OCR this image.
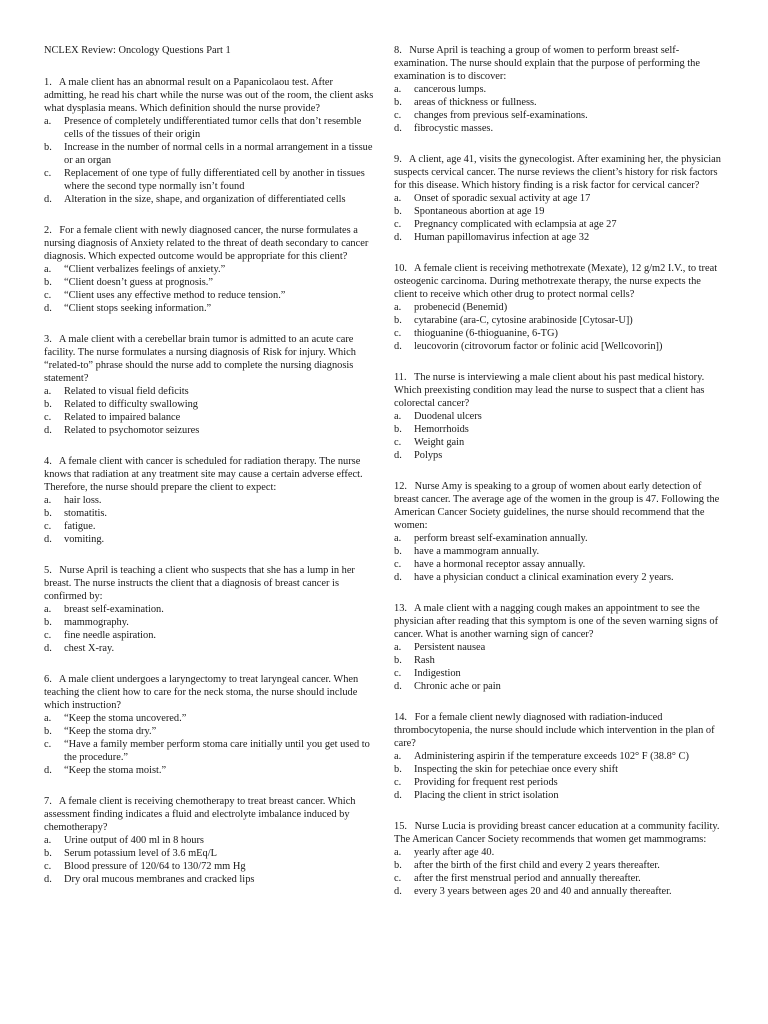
NCLEX Review: Oncology Questions Part 1

1. A male client has an abnormal result on a Papanicolaou test. After admitting, he read his chart while the nurse was out of the room, the client asks what dysplasia means. Which definition should the nurse provide?

a.	Presence of completely undifferentiated tumor cells that don’t resemble cells of the tissues of their origin
b.	Increase in the number of normal cells in a normal arrangement in a tissue or an organ
c.	Replacement of one type of fully differentiated cell by another in tissues where the second type normally isn’t found
d.	Alteration in the size, shape, and organization of differentiated cells

2. For a female client with newly diagnosed cancer, the nurse formulates a nursing diagnosis of Anxiety related to the threat of death secondary to cancer diagnosis. Which expected outcome would be appropriate for this client?

a.	“Client verbalizes feelings of anxiety.”
b.	“Client doesn’t guess at prognosis.”
c.	“Client uses any effective method to reduce tension.”
d.	“Client stops seeking information.”

3. A male client with a cerebellar brain tumor is admitted to an acute care facility. The nurse formulates a nursing diagnosis of Risk for injury. Which “related-to” phrase should the nurse add to complete the nursing diagnosis statement?

a.	Related to visual field deficits
b.	Related to difficulty swallowing
c.	Related to impaired balance
d.	Related to psychomotor seizures

4. A female client with cancer is scheduled for radiation therapy. The nurse knows that radiation at any treatment site may cause a certain adverse effect. Therefore, the nurse should prepare the client to expect:

a.	hair loss.
b.	stomatitis.
c.	fatigue.
d.	vomiting.

5. Nurse April is teaching a client who suspects that she has a lump in her breast. The nurse instructs the client that a diagnosis of breast cancer is confirmed by:

a.	breast self-examination.
b.	mammography.
c.	fine needle aspiration.
d.	chest X-ray.

6. A male client undergoes a laryngectomy to treat laryngeal cancer. When teaching the client how to care for the neck stoma, the nurse should include which instruction?

a.	“Keep the stoma uncovered.”
b.	“Keep the stoma dry.”
c.	“Have a family member perform stoma care initially until you get used to the procedure.”
d.	“Keep the stoma moist.”

7. A female client is receiving chemotherapy to treat breast cancer. Which assessment finding indicates a fluid and electrolyte imbalance induced by chemotherapy?

a.	Urine output of 400 ml in 8 hours
b.	Serum potassium level of 3.6 mEq/L
c.	Blood pressure of 120/64 to 130/72 mm Hg
d.	Dry oral mucous membranes and cracked lips

8. Nurse April is teaching a group of women to perform breast self-examination. The nurse should explain that the purpose of performing the examination is to discover:

a.	cancerous lumps.
b.	areas of thickness or fullness.
c.	changes from previous self-examinations.
d.	fibrocystic masses.

9. A client, age 41, visits the gynecologist. After examining her, the physician suspects cervical cancer. The nurse reviews the client’s history for risk factors for this disease. Which history finding is a risk factor for cervical cancer?

a.	Onset of sporadic sexual activity at age 17
b.	Spontaneous abortion at age 19
c.	Pregnancy complicated with eclampsia at age 27
d.	Human papillomavirus infection at age 32

10. A female client is receiving methotrexate (Mexate), 12 g/m2 I.V., to treat osteogenic carcinoma. During methotrexate therapy, the nurse expects the client to receive which other drug to protect normal cells?

a.	probenecid (Benemid)
b.	cytarabine (ara-C, cytosine arabinoside [Cytosar-U])
c.	thioguanine (6-thioguanine, 6-TG)
d.	leucovorin (citrovorum factor or folinic acid [Wellcovorin])

11. The nurse is interviewing a male client about his past medical history. Which preexisting condition may lead the nurse to suspect that a client has colorectal cancer?

a.	Duodenal ulcers
b.	Hemorrhoids
c.	Weight gain
d.	Polyps

12. Nurse Amy is speaking to a group of women about early detection of breast cancer. The average age of the women in the group is 47. Following the American Cancer Society guidelines, the nurse should recommend that the women:

a.	perform breast self-examination annually.
b.	have a mammogram annually.
c.	have a hormonal receptor assay annually.
d.	have a physician conduct a clinical examination every 2 years.

13. A male client with a nagging cough makes an appointment to see the physician after reading that this symptom is one of the seven warning signs of cancer. What is another warning sign of cancer?

a.	Persistent nausea
b.	Rash
c.	Indigestion
d.	Chronic ache or pain

14. For a female client newly diagnosed with radiation-induced thrombocytopenia, the nurse should include which intervention in the plan of care?

a.	Administering aspirin if the temperature exceeds 102° F (38.8° C)
b.	Inspecting the skin for petechiae once every shift
c.	Providing for frequent rest periods
d.	Placing the client in strict isolation

15. Nurse Lucia is providing breast cancer education at a community facility. The American Cancer Society recommends that women get mammograms:

a.	yearly after age 40.
b.	after the birth of the first child and every 2 years thereafter.
c.	after the first menstrual period and annually thereafter.
d.	every 3 years between ages 20 and 40 and annually thereafter.
